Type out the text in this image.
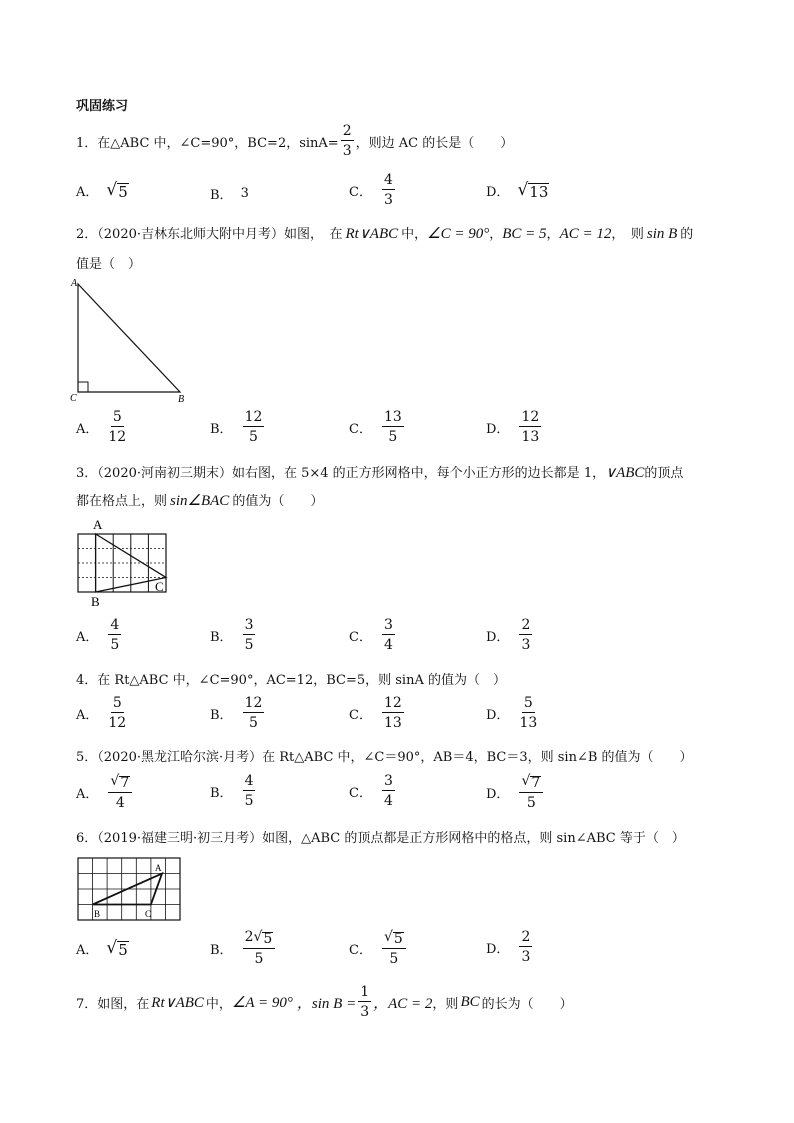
巩固练习
1．在△ABC 中，∠C=90°，BC=2，$\sin A= \frac{2}{3}$ ，则边 AC 的长是（　　）
A． √ 5	B． 3	C． $\frac{4}{3}$	D． √ 13
2．（2020·吉林东北师大附中月考）如图，　在 Rt∨ABC 中， ∠C = 90° ， BC = 5 ， AC = 12 ，　则 sin B 的
值是（　）
A
C	B
A． $\frac{5}{12}$	B． $\frac{12}{5}$	C． $\frac{13}{5}$	D． $\frac{12}{13}$
3．（2020·河南初三期末）如右图，在 5×4 的正方形网格中，每个小正方形的边长都是 1， ∨ABC 的顶点
都在格点上，则 sin∠BAC 的值为（　　）
A
B
C
A． $\frac{4}{5}$	B． $\frac{3}{5}$	C． $\frac{3}{4}$	D． $\frac{2}{3}$
4．在 Rt△ABC 中，∠C=90°，AC=12，BC=5，则 sinA 的值为（　）
A． $\frac{5}{12}$	B． $\frac{12}{5}$	C． $\frac{12}{13}$	D． $\frac{5}{13}$
5．（2020·黑龙江哈尔滨·月考）在 Rt△ABC 中，∠C＝90°，AB＝4，BC＝3，则 sin∠B 的值为（　　）
A． $\frac{√ 7}{4}$	B． $\frac{4}{5}$	C． $\frac{3}{4}$	D． $\frac{√ 7}{5}$
6．（2019·福建三明·初三月考）如图，△ABC 的顶点都是正方形网格中的格点，则 sin∠ABC 等于（　）
A
B	C
A． √ 5	B． $\frac{2 √ 5}{5}$	C． $\frac{√ 5}{5}$	D． $\frac{2}{3}$
7．如图，在 Rt∨ABC 中， ∠A = 90° ，$\sin B = \frac{1}{3}$ ，AC = 2 ，则 BC 的长为（　　）
